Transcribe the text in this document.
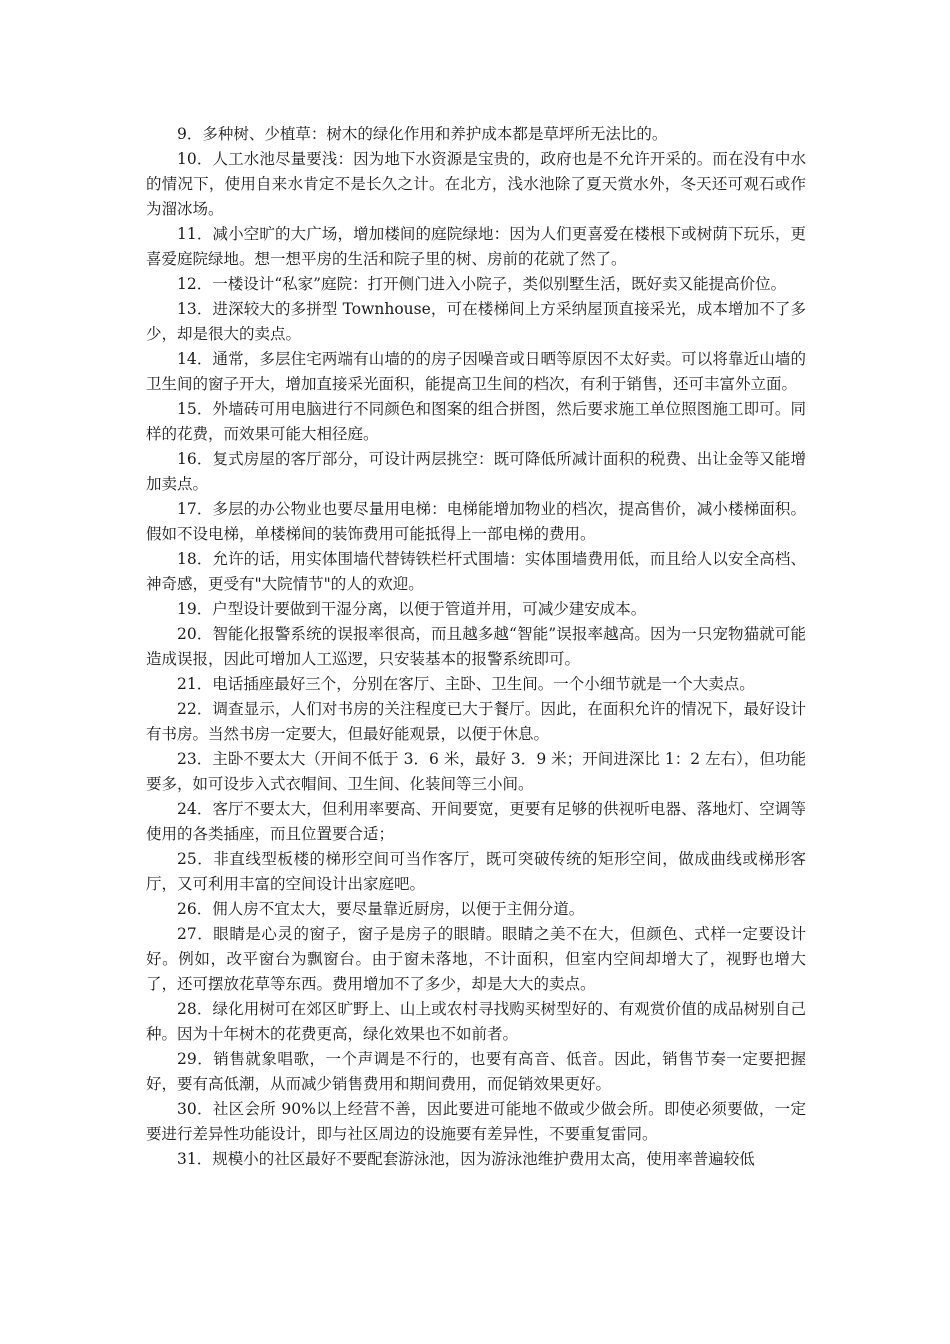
9．多种树、少植草：树木的绿化作用和养护成本都是草坪所无法比的。

10．人工水池尽量要浅：因为地下水资源是宝贵的，政府也是不允许开采的。而在没有中水的情况下，使用自来水肯定不是长久之计。在北方，浅水池除了夏天赏水外，冬天还可观石或作为溜冰场。

11．减小空旷的大广场，增加楼间的庭院绿地：因为人们更喜爱在楼根下或树荫下玩乐，更喜爱庭院绿地。想一想平房的生活和院子里的树、房前的花就了然了。

12．一楼设计“私家”庭院：打开侧门进入小院子，类似别墅生活，既好卖又能提高价位。

13．进深较大的多拼型 Townhouse，可在楼梯间上方采纳屋顶直接采光，成本增加不了多少，却是很大的卖点。

14．通常，多层住宅两端有山墙的的房子因噪音或日晒等原因不太好卖。可以将靠近山墙的卫生间的窗子开大，增加直接采光面积，能提高卫生间的档次，有利于销售，还可丰富外立面。

15．外墙砖可用电脑进行不同颜色和图案的组合拼图，然后要求施工单位照图施工即可。同样的花费，而效果可能大相径庭。

16．复式房屋的客厅部分，可设计两层挑空：既可降低所减计面积的税费、出让金等又能增加卖点。

17．多层的办公物业也要尽量用电梯：电梯能增加物业的档次，提高售价，减小楼梯面积。假如不设电梯，单楼梯间的装饰费用可能抵得上一部电梯的费用。

18．允许的话，用实体围墙代替铸铁栏杆式围墙：实体围墙费用低，而且给人以安全高档、神奇感，更受有"大院情节"的人的欢迎。

19．户型设计要做到干湿分离，以便于管道并用，可减少建安成本。

20．智能化报警系统的误报率很高，而且越多越“智能”误报率越高。因为一只宠物猫就可能造成误报，因此可增加人工巡逻，只安装基本的报警系统即可。

21．电话插座最好三个，分别在客厅、主卧、卫生间。一个小细节就是一个大卖点。

22．调查显示，人们对书房的关注程度已大于餐厅。因此，在面积允许的情况下，最好设计有书房。当然书房一定要大，但最好能观景，以便于休息。

23．主卧不要太大（开间不低于 3．6 米，最好 3．9 米；开间进深比 1：2 左右），但功能要多，如可设步入式衣帽间、卫生间、化装间等三小间。

24．客厅不要太大，但利用率要高、开间要宽，更要有足够的供视听电器、落地灯、空调等使用的各类插座，而且位置要合适；

25．非直线型板楼的梯形空间可当作客厅，既可突破传统的矩形空间，做成曲线或梯形客厅，又可利用丰富的空间设计出家庭吧。

26．佣人房不宜太大，要尽量靠近厨房，以便于主佣分道。

27．眼睛是心灵的窗子，窗子是房子的眼睛。眼睛之美不在大，但颜色、式样一定要设计好。例如，改平窗台为飘窗台。由于窗未落地，不计面积，但室内空间却增大了，视野也增大了，还可摆放花草等东西。费用增加不了多少，却是大大的卖点。

28．绿化用树可在郊区旷野上、山上或农村寻找购买树型好的、有观赏价值的成品树别自己种。因为十年树木的花费更高，绿化效果也不如前者。

29．销售就象唱歌，一个声调是不行的，也要有高音、低音。因此，销售节奏一定要把握好，要有高低潮，从而减少销售费用和期间费用，而促销效果更好。

30．社区会所 90%以上经营不善，因此要进可能地不做或少做会所。即使必须要做，一定要进行差异性功能设计，即与社区周边的设施要有差异性，不要重复雷同。

31．规模小的社区最好不要配套游泳池，因为游泳池维护费用太高，使用率普遍较低
